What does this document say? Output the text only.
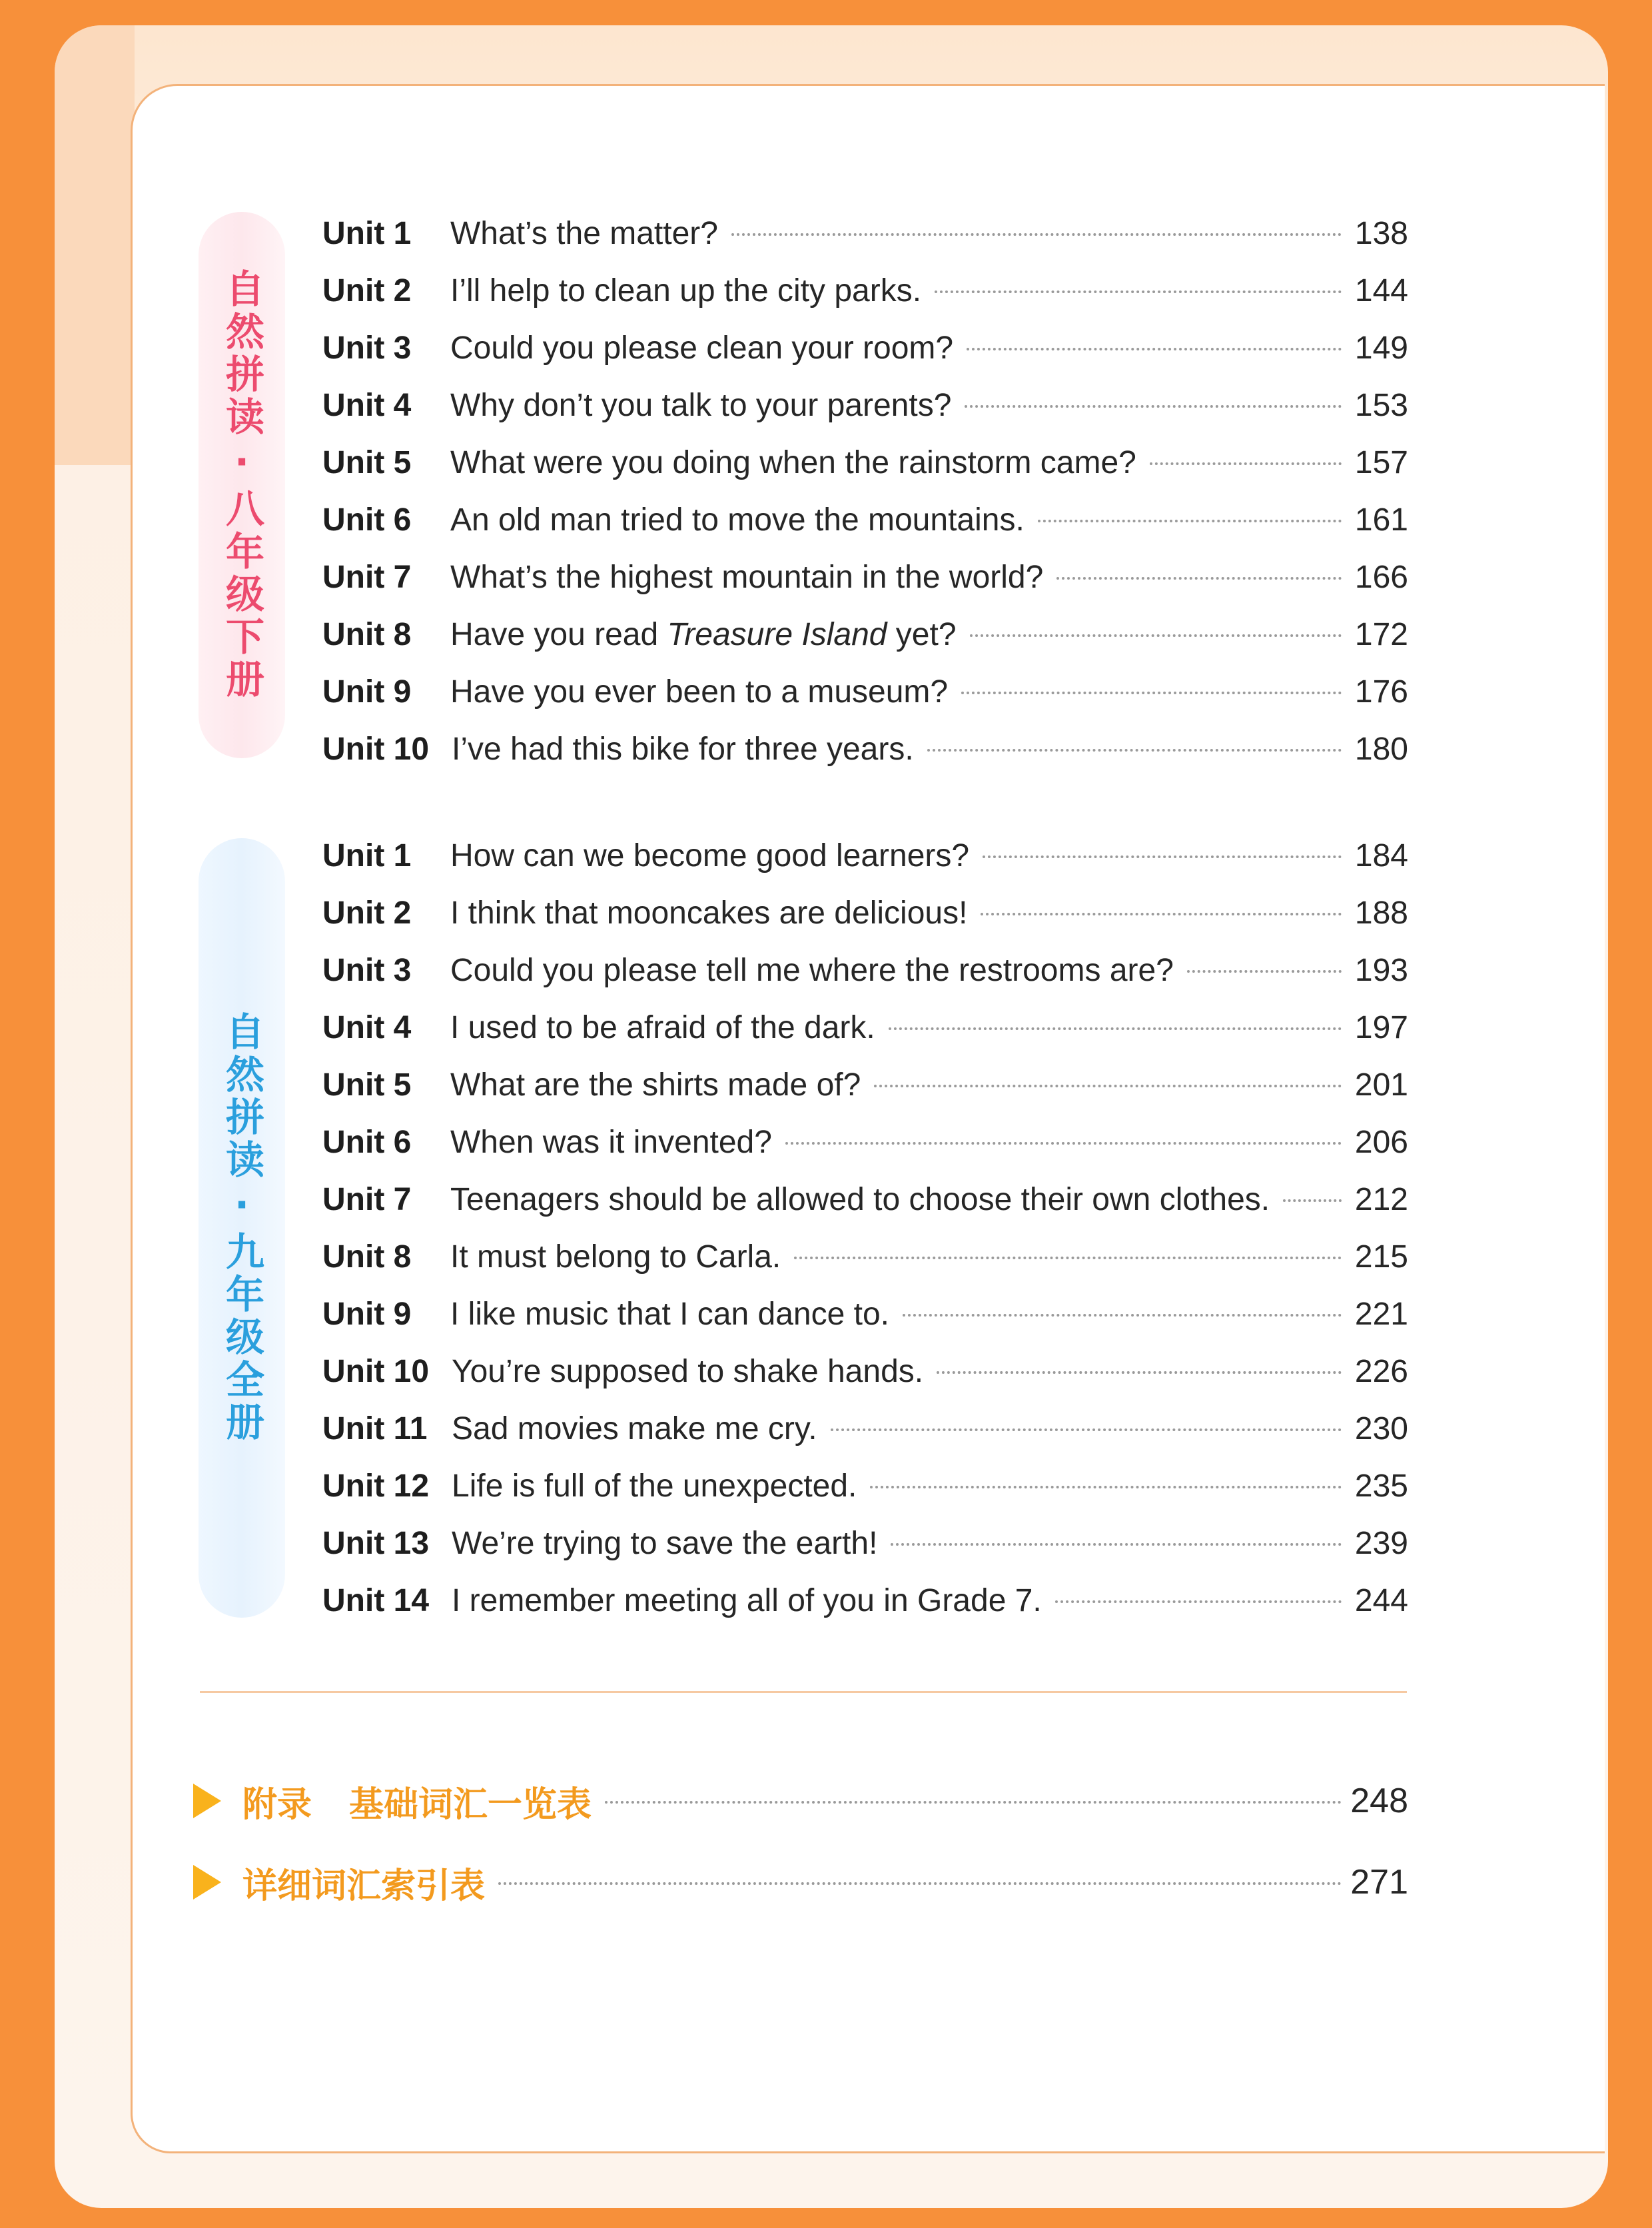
自然拼读·八年级下册
自然拼读·九年级全册
Unit 1	What’s the matter?	138
Unit 2	I’ll help to clean up the city parks.	144
Unit 3	Could you please clean your room?	149
Unit 4	Why don’t you talk to your parents?	153
Unit 5	What were you doing when the rainstorm came?	157
Unit 6	An old man tried to move the mountains.	161
Unit 7	What’s the highest mountain in the world?	166
Unit 8	Have you read Treasure Island yet?	172
Unit 9	Have you ever been to a museum?	176
Unit 10 I’ve had this bike for three years.	180
Unit 1	How can we become good learners?	184
Unit 2	I think that mooncakes are delicious!	188
Unit 3	Could you please tell me where the restrooms are?	193
Unit 4	I used to be afraid of the dark.	197
Unit 5	What are the shirts made of?	201
Unit 6	When was it invented?	206
Unit 7	Teenagers should be allowed to choose their own clothes.	212
Unit 8	It must belong to Carla.	215
Unit 9	I like music that I can dance to.	221
Unit 10 You’re supposed to shake hands.	226
Unit 11 Sad movies make me cry.	230
Unit 12 Life is full of the unexpected.	235
Unit 13 We’re trying to save the earth!	239
Unit 14 I remember meeting all of you in Grade 7.	244
附录 基础词汇一览表	248
详细词汇索引表	271
